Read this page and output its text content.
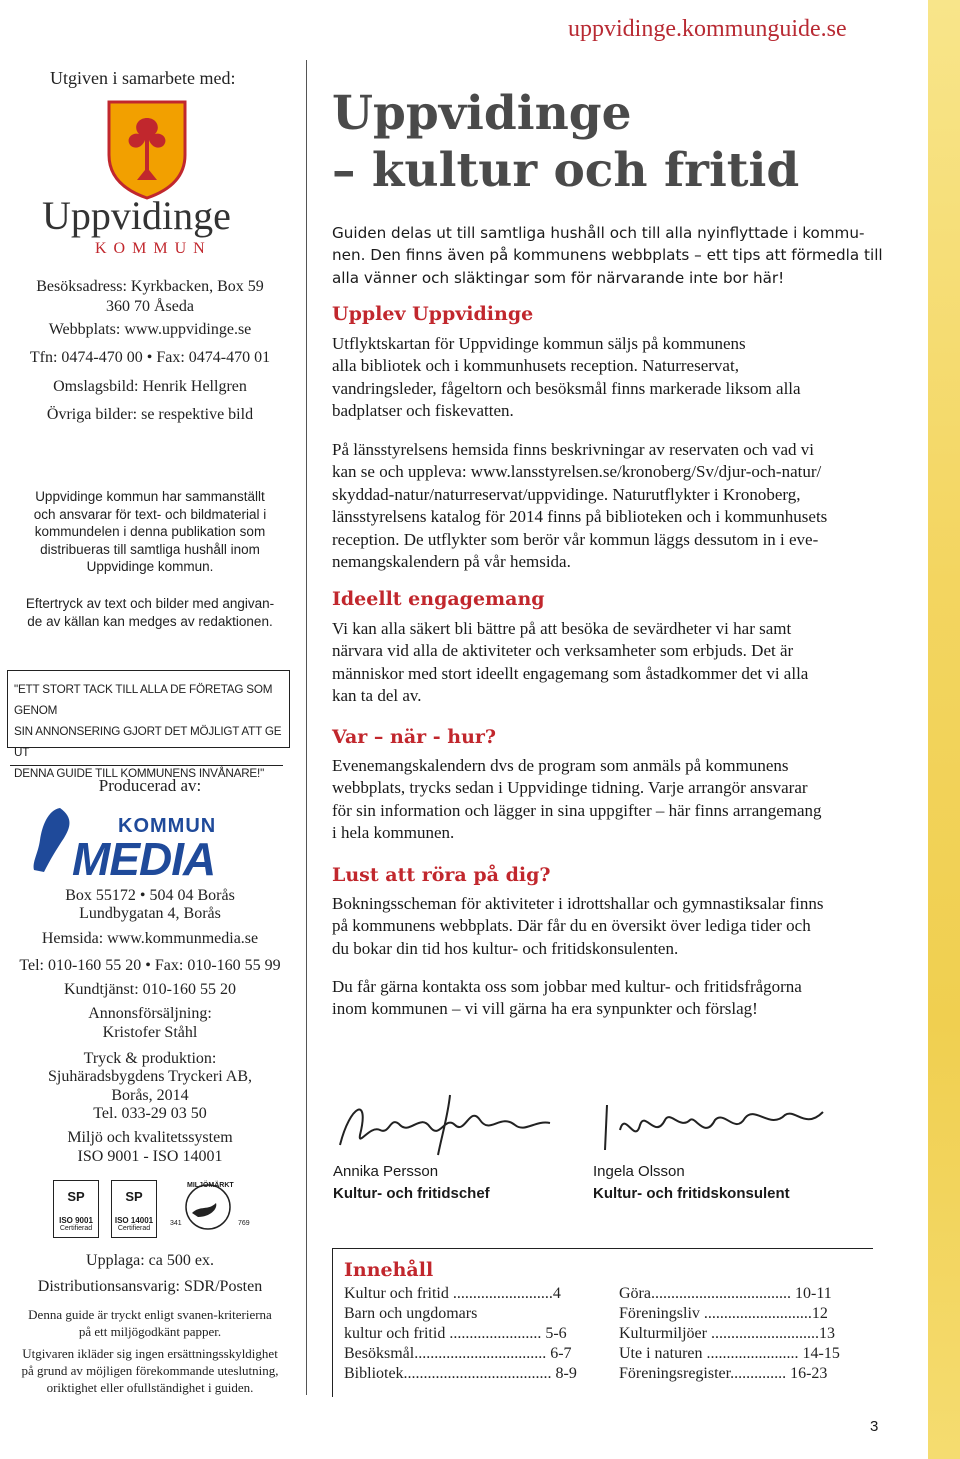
Utgiven i samarbete med:
Uppvidinge
KOMMUN
Besöksadress: Kyrkbacken, Box 59
360 70 Åseda
Webbplats: www.uppvidinge.se
Tfn: 0474-470 00 • Fax: 0474-470 01
Omslagsbild: Henrik Hellgren
Övriga bilder: se respektive bild
Uppvidinge kommun har sammanställt
och ansvarar för text- och bildmaterial i
kommundelen i denna publikation som
distribueras till samtliga hushåll inom
Uppvidinge kommun.
Eftertryck av text och bilder med angivan-
de av källan kan medges av redaktionen.
"ETT STORT TACK TILL ALLA DE FÖRETAG SOM GENOM
SIN ANNONSERING GJORT DET MÖJLIGT ATT GE UT
DENNA GUIDE TILL KOMMUNENS INVÅNARE!"
Producerad av:
KOMMUN
MEDIA
Box 55172 • 504 04 Borås
Lundbygatan 4, Borås
Hemsida: www.kommunmedia.se
Tel: 010-160 55 20 • Fax: 010-160 55 99
Kundtjänst: 010-160 55 20
Annonsförsäljning:
Kristofer Ståhl
Tryck & produktion:
Sjuhäradsbygdens Tryckeri AB,
Borås, 2014
Tel. 033-29 03 50
Miljö och kvalitetssystem
ISO 9001 - ISO 14001
SP
ISO 9001
Certifierad
SP
ISO 14001
Certifierad
MILJÖMÄRKT
341	769
Upplaga: ca 500 ex.
Distributionsansvarig: SDR/Posten
Denna guide är tryckt enligt svanen-kriterierna
på ett miljögodkänt papper.
Utgivaren ikläder sig ingen ersättningsskyldighet
på grund av möjligen förekommande uteslutning,
oriktighet eller ofullständighet i guiden.
uppvidinge.kommunguide.se
Uppvidinge
– kultur och fritid
Guiden delas ut till samtliga hushåll och till alla nyinflyttade i kommu-
nen. Den finns även på kommunens webbplats – ett tips att förmedla till
alla vänner och släktingar som för närvarande inte bor här!
Upplev Uppvidinge
Utflyktskartan för Uppvidinge kommun säljs på kommunens
alla bibliotek och i kommunhusets reception. Naturreservat,
vandringsleder, fågeltorn och besöksmål finns markerade liksom alla
badplatser och fiskevatten.
På länsstyrelsens hemsida finns beskrivningar av reservaten och vad vi
kan se och uppleva: www.lansstyrelsen.se/kronoberg/Sv/djur-och-natur/
skyddad-natur/naturreservat/uppvidinge. Naturutflykter i Kronoberg,
länsstyrelsens katalog för 2014 finns på biblioteken och i kommunhusets
reception. De utflykter som berör vår kommun läggs dessutom in i eve-
nemangskalendern på vår hemsida.
Ideellt engagemang
Vi kan alla säkert bli bättre på att besöka de sevärdheter vi har samt
närvara vid alla de aktiviteter och verksamheter som erbjuds. Det är
människor med stort ideellt engagemang som åstadkommer det vi alla
kan ta del av.
Var – när - hur?
Evenemangskalendern dvs de program som anmäls på kommunens
webbplats, trycks sedan i Uppvidinge tidning. Varje arrangör ansvarar
för sin information och lägger in sina uppgifter – här finns arrangemang
i hela kommunen.
Lust att röra på dig?
Bokningsscheman för aktiviteter i idrottshallar och gymnastiksalar finns
på kommunens webbplats. Där får du en översikt över lediga tider och
du bokar din tid hos kultur- och fritidskonsulenten.
Du får gärna kontakta oss som jobbar med kultur- och fritidsfrågorna
inom kommunen – vi vill gärna ha era synpunkter och förslag!
Annika Persson
Kultur- och fritidschef
Ingela Olsson
Kultur- och fritidskonsulent
Innehåll
Kultur och fritid .........................4
Barn och ungdomars
kultur och fritid ....................... 5-6
Besöksmål................................. 6-7
Bibliotek..................................... 8-9
Göra................................... 10-11
Föreningsliv ...........................12
Kulturmiljöer ...........................13
Ute i naturen ....................... 14-15
Föreningsregister.............. 16-23
3
